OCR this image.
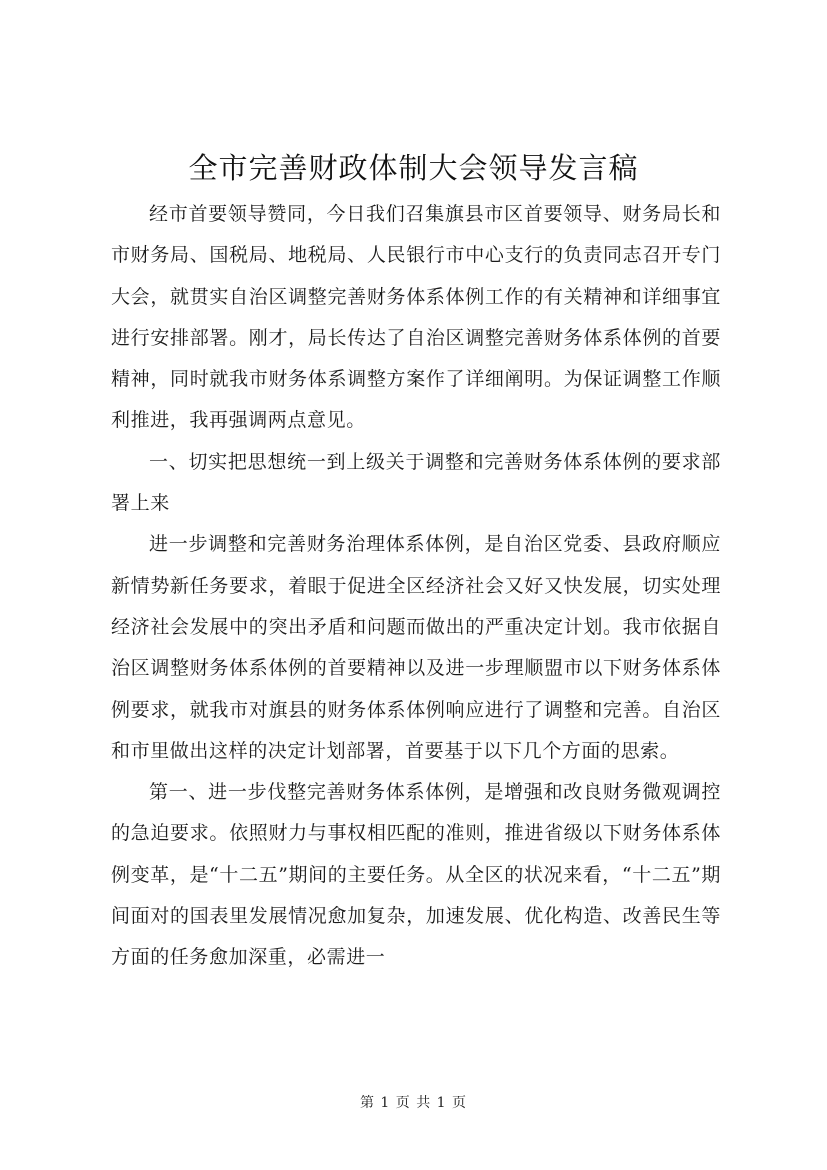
全市完善财政体制大会领导发言稿

经市首要领导赞同，今日我们召集旗县市区首要领导、财务局长和市财务局、国税局、地税局、人民银行市中心支行的负责同志召开专门大会，就贯实自治区调整完善财务体系体例工作的有关精神和详细事宜进行安排部署。刚才，局长传达了自治区调整完善财务体系体例的首要精神，同时就我市财务体系调整方案作了详细阐明。为保证调整工作顺利推进，我再强调两点意见。

一、切实把思想统一到上级关于调整和完善财务体系体例的要求部署上来

进一步调整和完善财务治理体系体例，是自治区党委、县政府顺应新情势新任务要求，着眼于促进全区经济社会又好又快发展，切实处理经济社会发展中的突出矛盾和问题而做出的严重决定计划。我市依据自治区调整财务体系体例的首要精神以及进一步理顺盟市以下财务体系体例要求，就我市对旗县的财务体系体例响应进行了调整和完善。自治区和市里做出这样的决定计划部署，首要基于以下几个方面的思索。

第一、进一步伐整完善财务体系体例，是增强和改良财务微观调控的急迫要求。依照财力与事权相匹配的准则，推进省级以下财务体系体例变革，是“十二五”期间的主要任务。从全区的状况来看，“十二五”期间面对的国表里发展情况愈加复杂，加速发展、优化构造、改善民生等方面的任务愈加深重，必需进一

第 1 页 共 1 页
